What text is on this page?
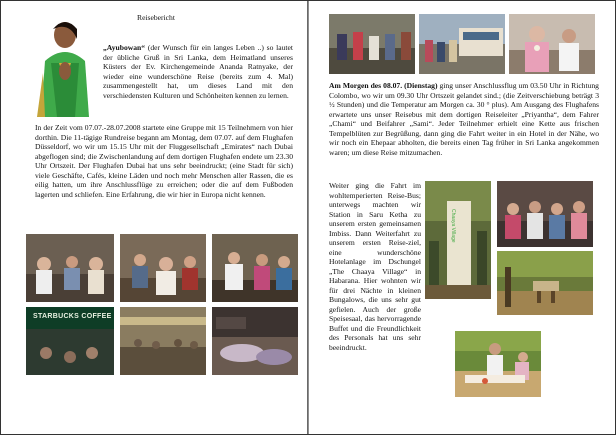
Reisebericht
„Ayubowan“ (der Wunsch für ein langes Leben ..) so lautet der übliche Gruß in Sri Lanka, dem Heimatland unseres Küsters der Ev. Kirchengemeinde Ananda Ratnyake, der wieder eine wunderschöne Reise (bereits zum 4. Mal) zusammengestellt hat, um dieses Land mit den verschiedensten Kulturen und Schönheiten kennen zu lernen.
In der Zeit vom 07.07.-28.07.2008 startete eine Gruppe mit 15 Teilnehmern von hier dorthin. Die 11-tägige Rundreise begann am Montag, dem 07.07. auf dem Flughafen Düsseldorf, wo wir um 15.15 Uhr mit der Fluggesellschaft „Emirates“ nach Dubai abgeflogen sind; die Zwischenlandung auf dem dortigen Flughafen endete um 23.30 Uhr Ortszeit. Der Flughafen Dubai hat uns sehr beeindruckt; (eine Stadt für sich) viele Geschäfte, Cafés, kleine Läden und noch mehr Menschen aller Rassen, die es eilig hatten, um ihre Anschlussflüge zu erreichen; oder die auf dem Fußboden lagerten und schliefen. Eine Erfahrung, die wir hier in Europa nicht kennen.
STARBUCKS COFFEE
Am Morgen des 08.07. (Dienstag) ging unser Anschlussflug um 03.50 Uhr in Richtung Colombo, wo wir um 09.30 Uhr Ortszeit gelandet sind.; (die Zeitverschiebung beträgt 3 ½ Stunden) und die Temperatur am Morgen ca. 30 ° plus). Am Ausgang des Flughafens erwartete uns unser Reisebus mit dem dortigen Reiseleiter „Priyantha“, dem Fahrer „Chami“ und Beifahrer „Sami“. Jeder Teilnehmer erhielt eine Kette aus frischen Tempelblüten zur Begrüßung, dann ging die Fahrt weiter in ein Hotel in der Nähe, wo wir noch ein Ehepaar abholten, die bereits einen Tag früher in Sri Lanka angekommen waren; um diese Reise mitzumachen.
Weiter ging die Fahrt im wohltemperierten Reise-Bus; unterwegs machten wir Station in Saru Ketha zu unserem ersten gemeinsamen Imbiss. Dann Weiterfahrt zu unserem ersten Reise-ziel, eine wunderschöne Hotelanlage im Dschungel „The Chaaya Village“ in Habarana. Hier wohnten wir für drei Nächte in kleinen Bungalows, die uns sehr gut gefielen. Auch der große Speisesaal, das hervorragende Buffet und die Freundlichkeit des Personals hat uns sehr beeindruckt.
Chaaya Village
